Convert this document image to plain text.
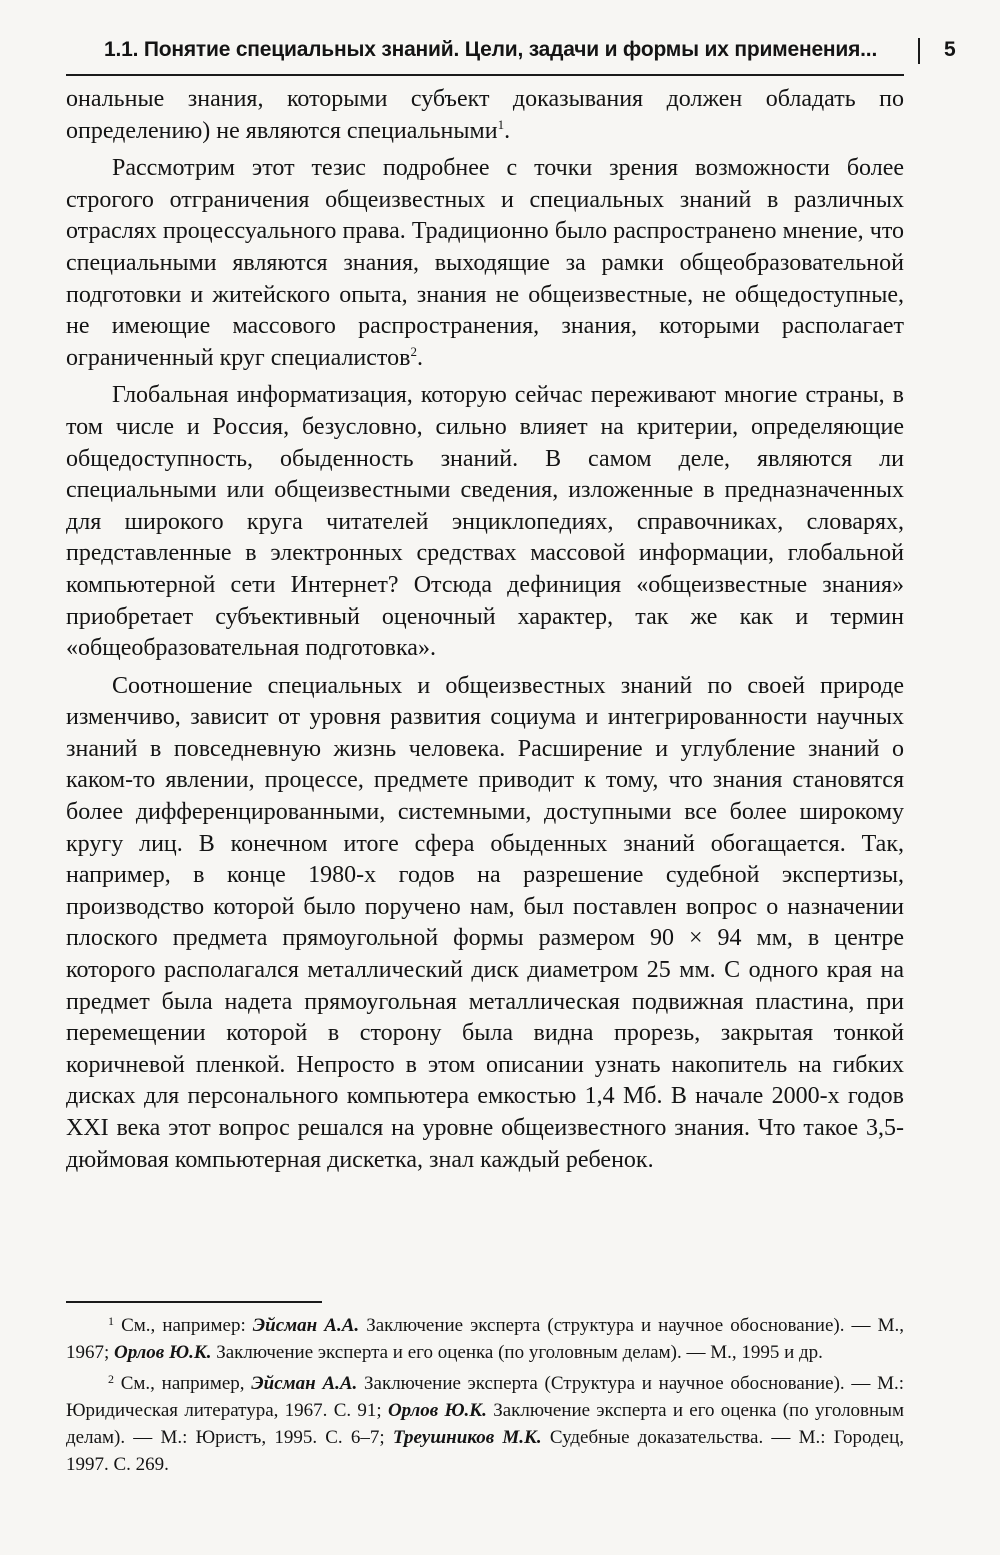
1.1. Понятие специальных знаний. Цели, задачи и формы их применения...	5

ональные знания, которыми субъект доказывания должен обладать по определению) не являются специальными$^1$.

Рассмотрим этот тезис подробнее с точки зрения возможности более строгого отграничения общеизвестных и специальных знаний в различных отраслях процессуального права. Традиционно было распространено мнение, что специальными являются знания, выходящие за рамки общеобразовательной подготовки и житейского опыта, знания не общеизвестные, не общедоступные, не имеющие массового распространения, знания, которыми располагает ограниченный круг специалистов$^2$.

Глобальная информатизация, которую сейчас переживают многие страны, в том числе и Россия, безусловно, сильно влияет на критерии, определяющие общедоступность, обыденность знаний. В самом деле, являются ли специальными или общеизвестными сведения, изложенные в предназначенных для широкого круга читателей энциклопедиях, справочниках, словарях, представленные в электронных средствах массовой информации, глобальной компьютерной сети Интернет? Отсюда дефиниция «общеизвестные знания» приобретает субъективный оценочный характер, так же как и термин «общеобразовательная подготовка».

Соотношение специальных и общеизвестных знаний по своей природе изменчиво, зависит от уровня развития социума и интегрированности научных знаний в повседневную жизнь человека. Расширение и углубление знаний о каком-то явлении, процессе, предмете приводит к тому, что знания становятся более дифференцированными, системными, доступными все более широкому кругу лиц. В конечном итоге сфера обыденных знаний обогащается. Так, например, в конце 1980-х годов на разрешение судебной экспертизы, производство которой было поручено нам, был поставлен вопрос о назначении плоского предмета прямоугольной формы размером 90 × 94 мм, в центре которого располагался металлический диск диаметром 25 мм. С одного края на предмет была надета прямоугольная металлическая подвижная пластина, при перемещении которой в сторону была видна прорезь, закрытая тонкой коричневой пленкой. Непросто в этом описании узнать накопитель на гибких дисках для персонального компьютера емкостью 1,4 Мб. В начале 2000-х годов XXI века этот вопрос решался на уровне общеизвестного знания. Что такое 3,5-дюймовая компьютерная дискетка, знал каждый ребенок.

$^1$ См., например: Эйсман А.А. Заключение эксперта (структура и научное обоснование). — М., 1967; Орлов Ю.К. Заключение эксперта и его оценка (по уголовным делам). — М., 1995 и др.

$^2$ См., например, Эйсман А.А. Заключение эксперта (Структура и научное обоснование). — М.: Юридическая литература, 1967. С. 91; Орлов Ю.К. Заключение эксперта и его оценка (по уголовным делам). — М.: Юристъ, 1995. С. 6–7; Треушников М.К. Судебные доказательства. — М.: Городец, 1997. С. 269.
